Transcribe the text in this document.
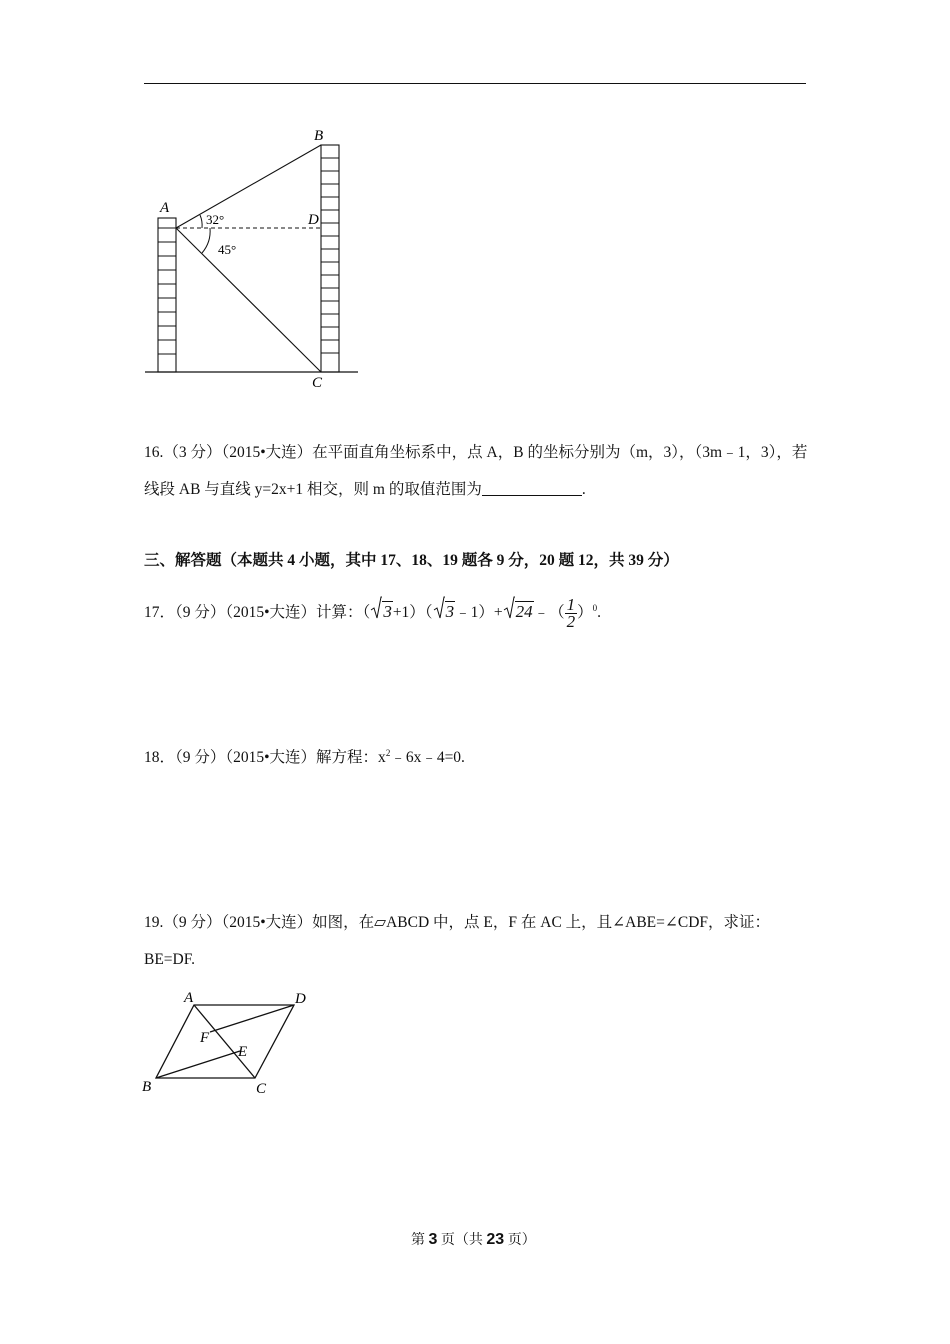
A
B
D
C
32°
45°
16.（3 分）（2015•大连）在平面直角坐标系中，点 A，B 的坐标分别为（m，3），（3m﹣1，3），若
线段 AB 与直线 y=2x+1 相交，则 m 的取值范围为	.
三、解答题（本题共 4 小题，其中 17、18、19 题各 9 分，20 题 12，共 39 分）
17．（9 分）（2015•大连）计算：（ 3+1）（ 3﹣1）+ 24﹣（ $\frac{1}{2} )^0$.
18．（9 分）（2015•大连）解方程：$x^2﹣6x﹣4=0$.
19.（9 分）（2015•大连）如图，在▱ABCD 中，点 E，F 在 AC 上，且∠ABE=∠CDF，求证：
BE=DF.
A	D
B	C
F
E
第 3 页（共 23 页）
